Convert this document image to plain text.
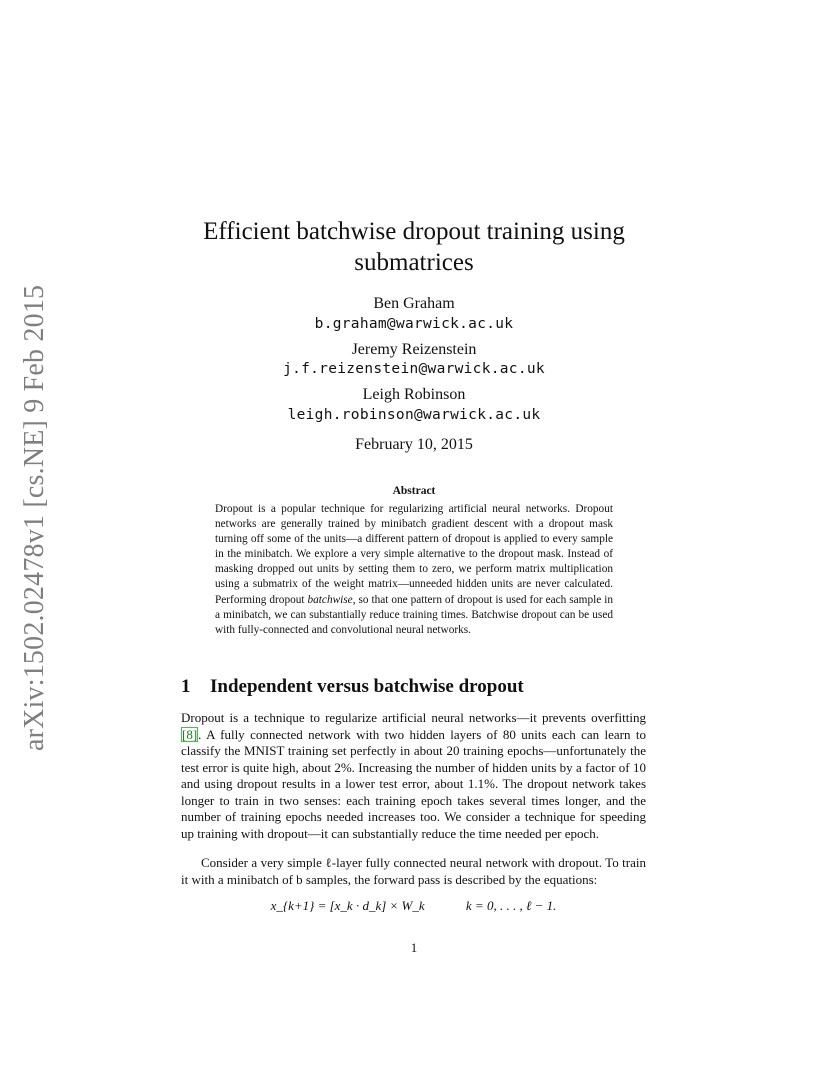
arXiv:1502.02478v1 [cs.NE] 9 Feb 2015
Efficient batchwise dropout training using submatrices
Ben Graham
b.graham@warwick.ac.uk
Jeremy Reizenstein
j.f.reizenstein@warwick.ac.uk
Leigh Robinson
leigh.robinson@warwick.ac.uk
February 10, 2015
Abstract
Dropout is a popular technique for regularizing artificial neural networks. Dropout networks are generally trained by minibatch gradient descent with a dropout mask turning off some of the units—a different pattern of dropout is applied to every sample in the minibatch. We explore a very simple alternative to the dropout mask. Instead of masking dropped out units by setting them to zero, we perform matrix multiplication using a submatrix of the weight matrix—unneeded hidden units are never calculated. Performing dropout batchwise, so that one pattern of dropout is used for each sample in a minibatch, we can substantially reduce training times. Batchwise dropout can be used with fully-connected and convolutional neural networks.
1 Independent versus batchwise dropout
Dropout is a technique to regularize artificial neural networks—it prevents overfitting [8]. A fully connected network with two hidden layers of 80 units each can learn to classify the MNIST training set perfectly in about 20 training epochs—unfortunately the test error is quite high, about 2%. Increasing the number of hidden units by a factor of 10 and using dropout results in a lower test error, about 1.1%. The dropout network takes longer to train in two senses: each training epoch takes several times longer, and the number of training epochs needed increases too. We consider a technique for speeding up training with dropout—it can substantially reduce the time needed per epoch.
Consider a very simple ℓ-layer fully connected neural network with dropout. To train it with a minibatch of b samples, the forward pass is described by the equations:
x_{k+1} = [x_k · d_k] × W_k	k = 0, . . . , ℓ − 1.
1
